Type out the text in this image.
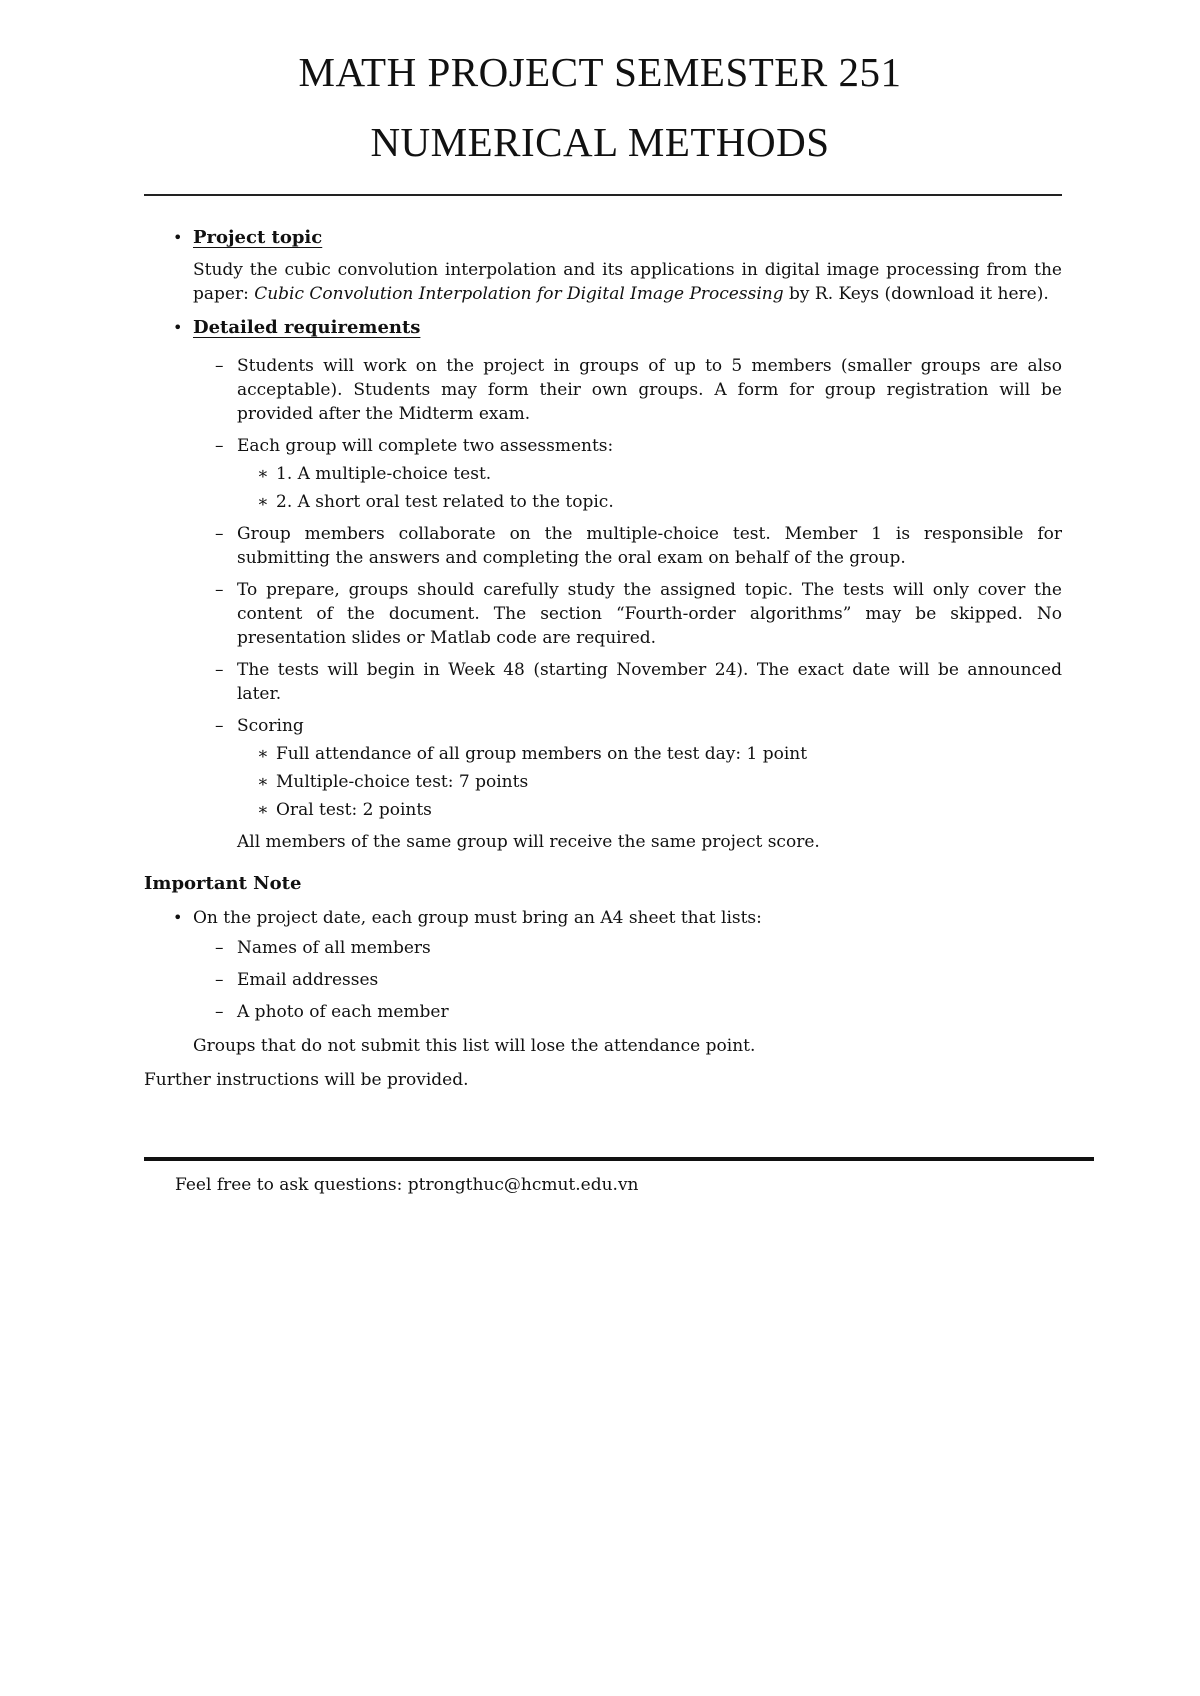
MATH PROJECT SEMESTER 251
NUMERICAL METHODS
• Project topic
Study the cubic convolution interpolation and its applications in digital image processing from the paper: Cubic Convolution Interpolation for Digital Image Processing by R. Keys (download it here).
• Detailed requirements
– Students will work on the project in groups of up to 5 members (smaller groups are also acceptable). Students may form their own groups. A form for group registration will be provided after the Midterm exam.
– Each group will complete two assessments:
∗ 1. A multiple-choice test.
∗ 2. A short oral test related to the topic.
– Group members collaborate on the multiple-choice test. Member 1 is responsible for submitting the answers and completing the oral exam on behalf of the group.
– To prepare, groups should carefully study the assigned topic. The tests will only cover the content of the document. The section “Fourth-order algorithms” may be skipped. No presentation slides or Matlab code are required.
– The tests will begin in Week 48 (starting November 24). The exact date will be announced later.
– Scoring
∗ Full attendance of all group members on the test day: 1 point
∗ Multiple-choice test: 7 points
∗ Oral test: 2 points
All members of the same group will receive the same project score.
Important Note
• On the project date, each group must bring an A4 sheet that lists:
– Names of all members
– Email addresses
– A photo of each member
Groups that do not submit this list will lose the attendance point.
Further instructions will be provided.
Feel free to ask questions: ptrongthuc@hcmut.edu.vn
